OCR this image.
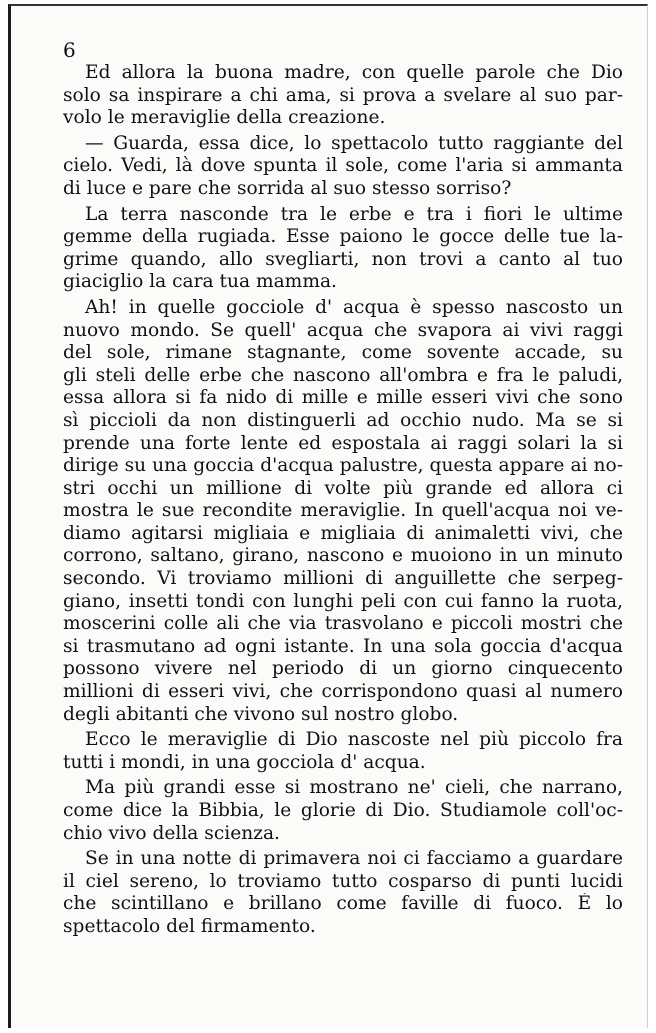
6

Ed allora la buona madre, con quelle parole che Dio
solo sa inspirare a chi ama, si prova a svelare al suo par-
volo le meraviglie della creazione.

— Guarda, essa dice, lo spettacolo tutto raggiante del
cielo. Vedi, là dove spunta il sole, come l'aria si ammanta
di luce e pare che sorrida al suo stesso sorriso?

La terra nasconde tra le erbe e tra i fiori le ultime
gemme della rugiada. Esse paiono le gocce delle tue la-
grime quando, allo svegliarti, non trovi a canto al tuo
giaciglio la cara tua mamma.

Ah! in quelle gocciole d' acqua è spesso nascosto un
nuovo mondo. Se quell' acqua che svapora ai vivi raggi
del sole, rimane stagnante, come sovente accade, su
gli steli delle erbe che nascono all'ombra e fra le paludi,
essa allora si fa nido di mille e mille esseri vivi che sono
sì piccioli da non distinguerli ad occhio nudo. Ma se si
prende una forte lente ed espostala ai raggi solari la si
dirige su una goccia d'acqua palustre, questa appare ai no-
stri occhi un millione di volte più grande ed allora ci
mostra le sue recondite meraviglie. In quell'acqua noi ve-
diamo agitarsi migliaia e migliaia di animaletti vivi, che
corrono, saltano, girano, nascono e muoiono in un minuto
secondo. Vi troviamo millioni di anguillette che serpeg-
giano, insetti tondi con lunghi peli con cui fanno la ruota,
moscerini colle ali che via trasvolano e piccoli mostri che
si trasmutano ad ogni istante. In una sola goccia d'acqua
possono vivere nel periodo di un giorno cinquecento
millioni di esseri vivi, che corrispondono quasi al numero
degli abitanti che vivono sul nostro globo.

Ecco le meraviglie di Dio nascoste nel più piccolo fra
tutti i mondi, in una gocciola d' acqua.

Ma più grandi esse si mostrano ne' cieli, che narrano,
come dice la Bibbia, le glorie di Dio. Studiamole coll'oc-
chio vivo della scienza.

Se in una notte di primavera noi ci facciamo a guardare
il ciel sereno, lo troviamo tutto cosparso di punti lucidi
che scintillano e brillano come faville di fuoco. È lo
spettacolo del firmamento.
